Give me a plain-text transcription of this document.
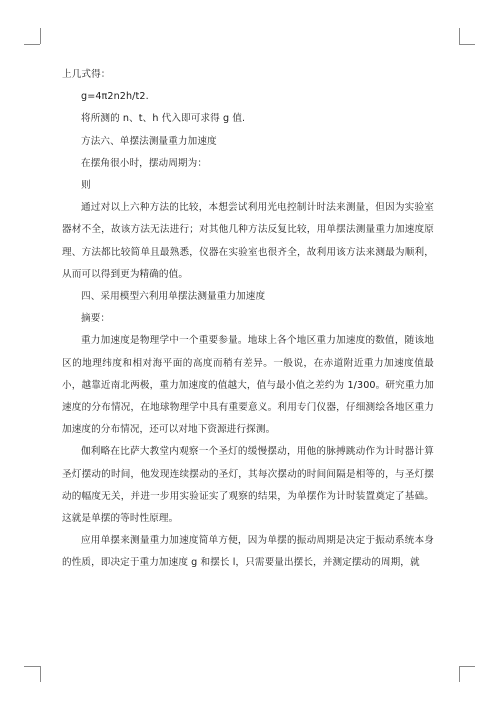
上几式得：

g=4π2n2h/t2.

将所测的 n、t、h 代入即可求得 g 值.

方法六、单摆法测量重力加速度

在摆角很小时，摆动周期为：

则

通过对以上六种方法的比较，本想尝试利用光电控制计时法来测量，但因为实验室器材不全，故该方法无法进行；对其他几种方法反复比较，用单摆法测量重力加速度原理、方法都比较简单且最熟悉，仪器在实验室也很齐全，故利用该方法来测最为顺利，从而可以得到更为精确的值。

四、采用模型六利用单摆法测量重力加速度

摘要：

重力加速度是物理学中一个重要参量。地球上各个地区重力加速度的数值，随该地区的地理纬度和相对海平面的高度而稍有差异。一般说，在赤道附近重力加速度值最小，越靠近南北两极，重力加速度的值越大，值与最小值之差约为 1/300。研究重力加速度的分布情况，在地球物理学中具有重要意义。利用专门仪器，仔细测绘各地区重力加速度的分布情况，还可以对地下资源进行探测。

伽利略在比萨大教堂内观察一个圣灯的缓慢摆动，用他的脉搏跳动作为计时器计算圣灯摆动的时间，他发现连续摆动的圣灯，其每次摆动的时间间隔是相等的，与圣灯摆动的幅度无关，并进一步用实验证实了观察的结果，为单摆作为计时装置奠定了基础。这就是单摆的等时性原理。

应用单摆来测量重力加速度简单方便，因为单摆的振动周期是决定于振动系统本身的性质，即决定于重力加速度 g 和摆长 l，只需要量出摆长，并测定摆动的周期，就
